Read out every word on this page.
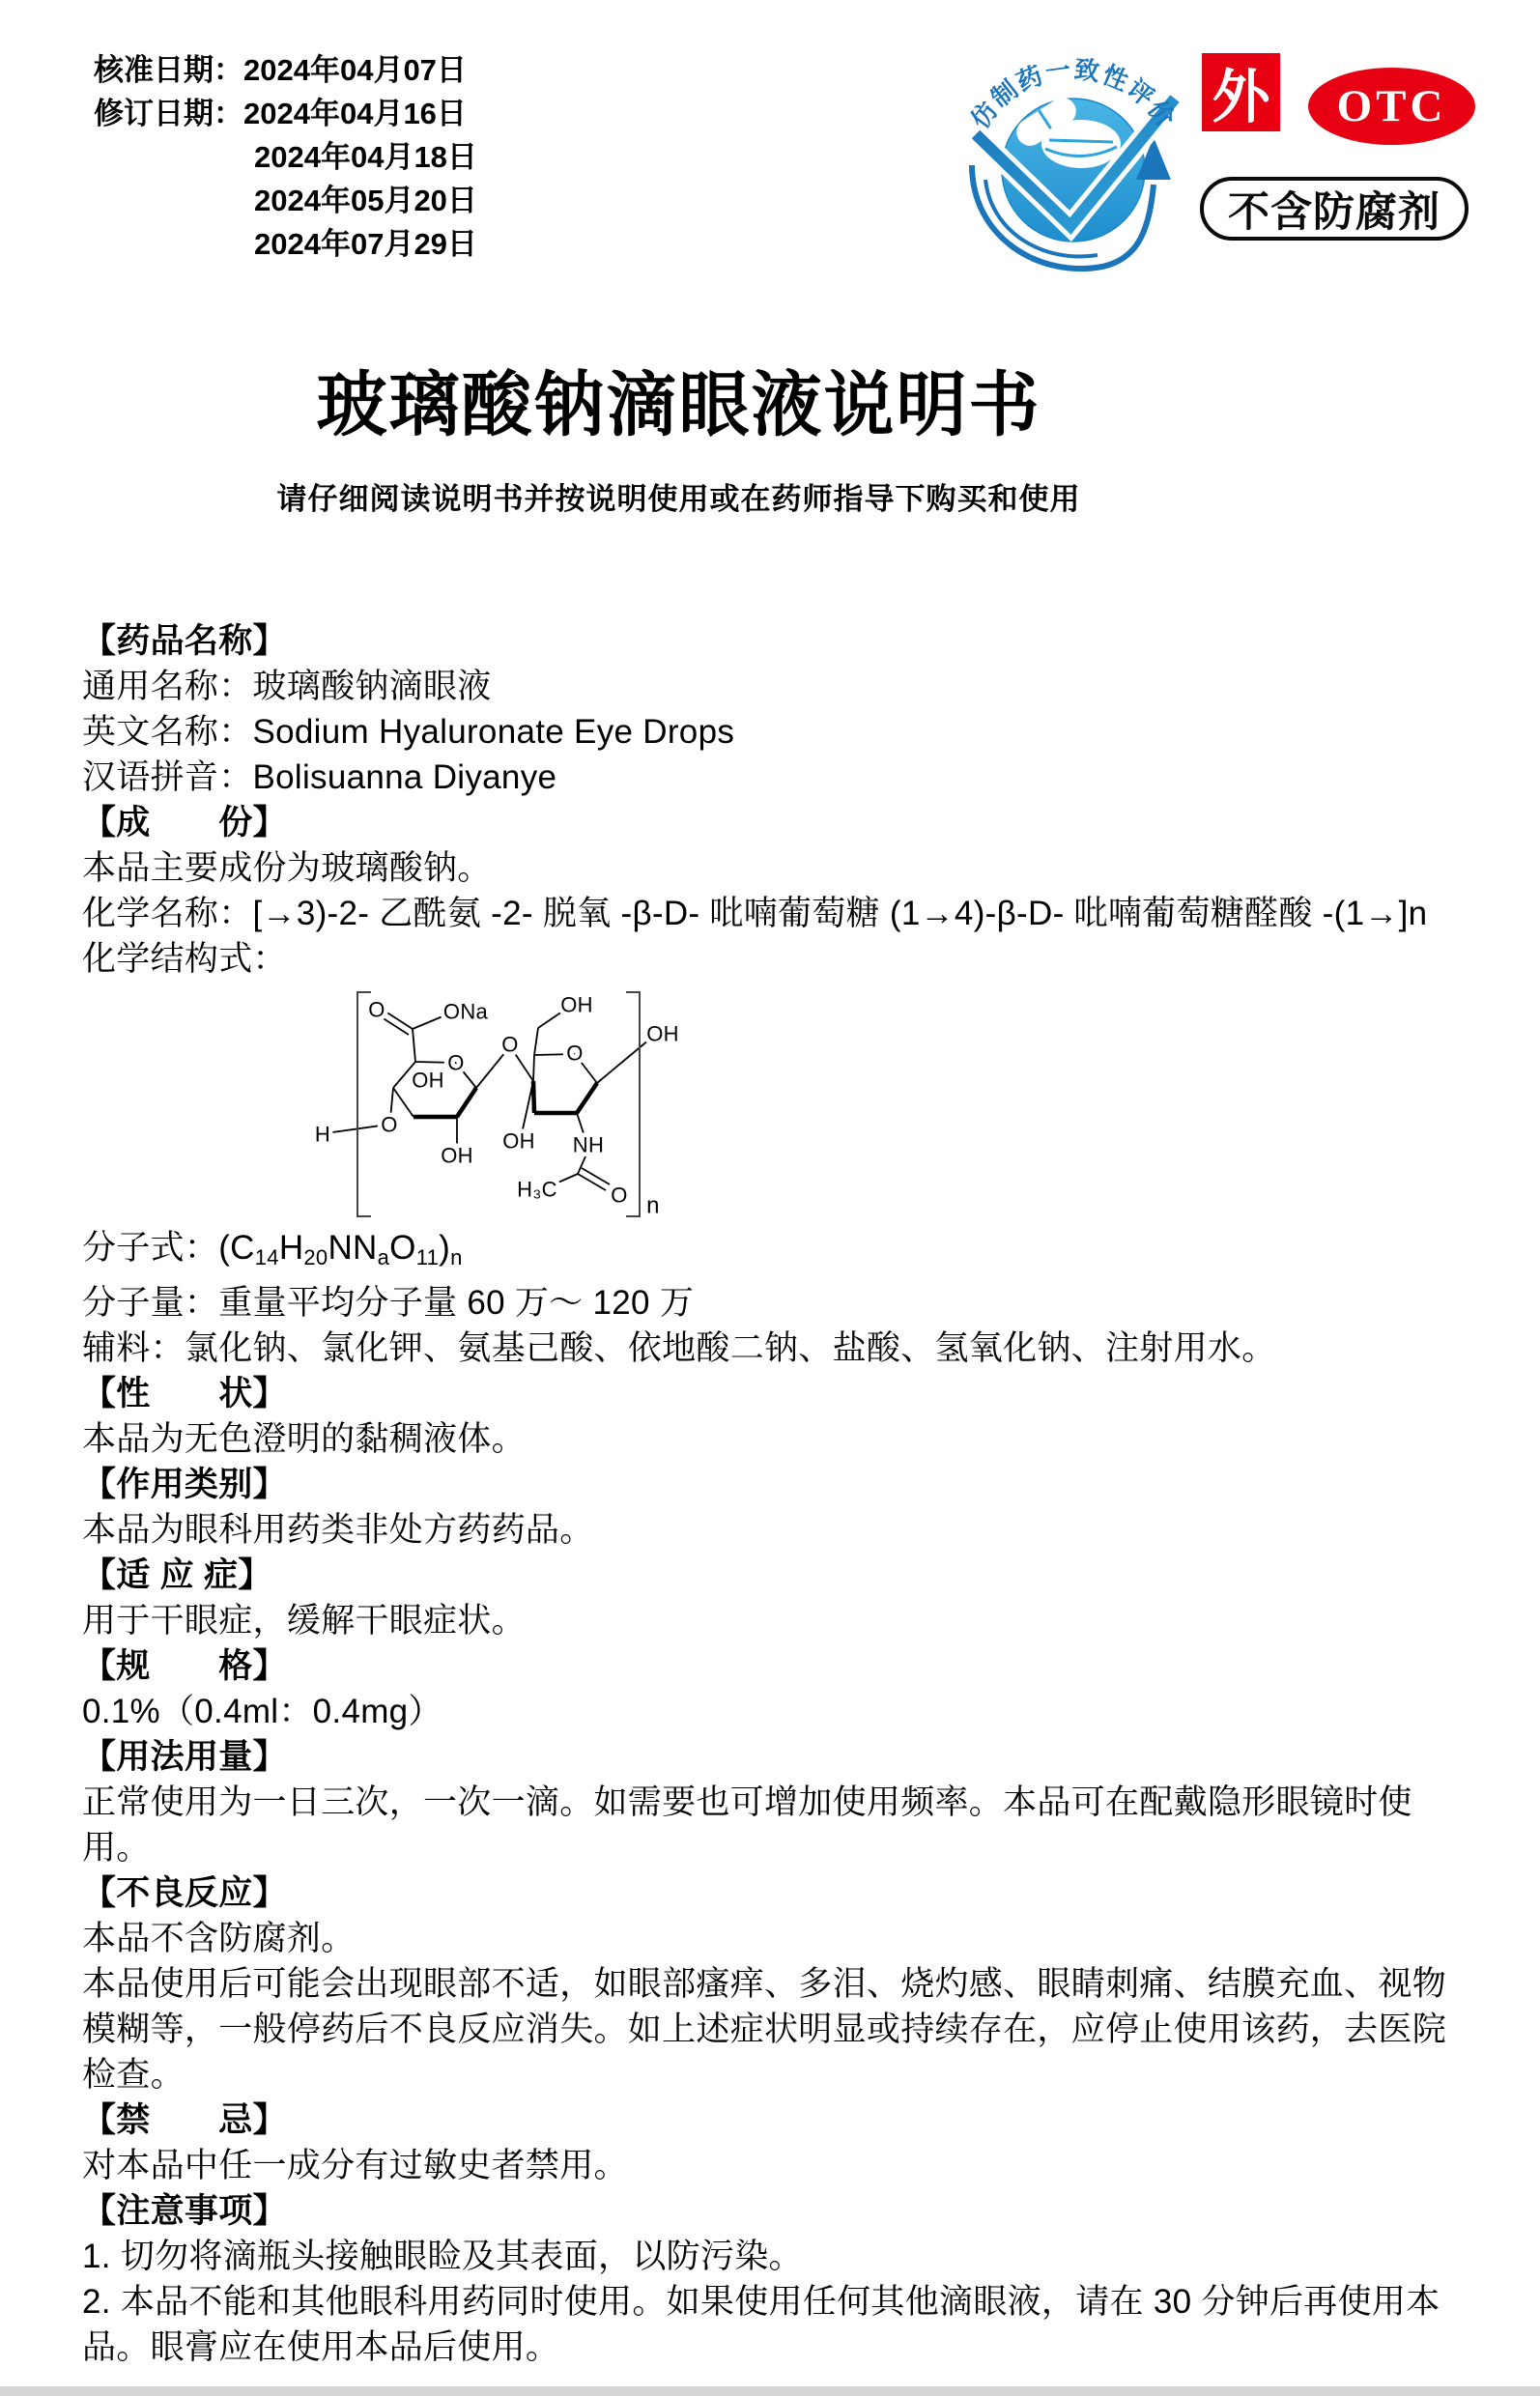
核准日期：2024年04月07日
修订日期：2024年04月16日
2024年04月18日
2024年05月20日
2024年07月29日
仿制药一致性评价 外	OTC
不含防腐剂
玻璃酸钠滴眼液说明书
请仔细阅读说明书并按说明使用或在药师指导下购买和使用

【药品名称】

通用名称：玻璃酸钠滴眼液

英文名称：Sodium Hyaluronate Eye Drops

汉语拼音：Bolisuanna Diyanye

【成　　份】

本品主要成份为玻璃酸钠。

化学名称：[→3)-2- 乙酰氨 -2- 脱氧 -β-D- 吡喃葡萄糖 (1→4)-β-D- 吡喃葡萄糖醛酸 -(1→]n

化学结构式：

O	ONa
O
OH
O
H
OH
O O
OH
OH
OH NH
H₃C	O n

分子式：$(C_{14}H_{20}NN_aO_{11})_n$

分子量：重量平均分子量 60 万～ 120 万

辅料：氯化钠、氯化钾、氨基己酸、依地酸二钠、盐酸、氢氧化钠、注射用水。

【性　　状】

本品为无色澄明的黏稠液体。

【作用类别】

本品为眼科用药类非处方药药品。

【适 应 症】

用于干眼症，缓解干眼症状。

【规　　格】

0.1%（0.4ml：0.4mg）

【用法用量】

正常使用为一日三次，一次一滴。如需要也可增加使用频率。本品可在配戴隐形眼镜时使用。

【不良反应】

本品不含防腐剂。

本品使用后可能会出现眼部不适，如眼部瘙痒、多泪、烧灼感、眼睛刺痛、结膜充血、视物模糊等，一般停药后不良反应消失。如上述症状明显或持续存在，应停止使用该药，去医院检查。

【禁　　忌】

对本品中任一成分有过敏史者禁用。

【注意事项】

1. 切勿将滴瓶头接触眼睑及其表面，以防污染。

2. 本品不能和其他眼科用药同时使用。如果使用任何其他滴眼液，请在 30 分钟后再使用本品。眼膏应在使用本品后使用。
